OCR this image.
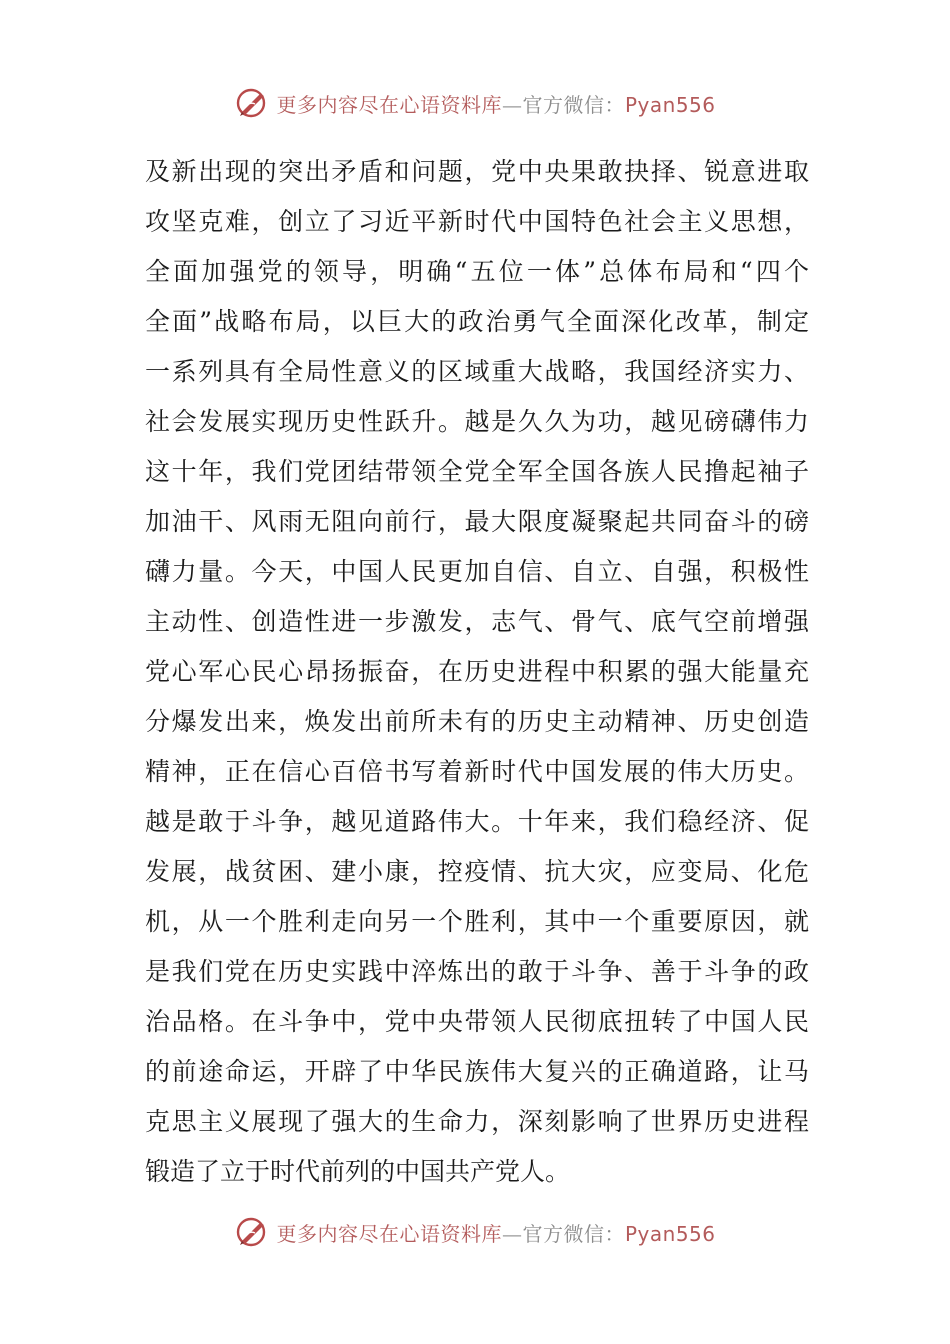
更多内容尽在心语资料库—官方微信：Pyan556
及新出现的突出矛盾和问题，党中央果敢抉择、锐意进取
攻坚克难，创立了习近平新时代中国特色社会主义思想，
全面加强党的领导，明确“五位一体”总体布局和“四个
全面”战略布局，以巨大的政治勇气全面深化改革，制定
一系列具有全局性意义的区域重大战略，我国经济实力、
社会发展实现历史性跃升。越是久久为功，越见磅礴伟力
这十年，我们党团结带领全党全军全国各族人民撸起袖子
加油干、风雨无阻向前行，最大限度凝聚起共同奋斗的磅
礴力量。今天，中国人民更加自信、自立、自强，积极性
主动性、创造性进一步激发，志气、骨气、底气空前增强
党心军心民心昂扬振奋，在历史进程中积累的强大能量充
分爆发出来，焕发出前所未有的历史主动精神、历史创造
精神，正在信心百倍书写着新时代中国发展的伟大历史。
越是敢于斗争，越见道路伟大。十年来，我们稳经济、促
发展，战贫困、建小康，控疫情、抗大灾，应变局、化危
机，从一个胜利走向另一个胜利，其中一个重要原因，就
是我们党在历史实践中淬炼出的敢于斗争、善于斗争的政
治品格。在斗争中，党中央带领人民彻底扭转了中国人民
的前途命运，开辟了中华民族伟大复兴的正确道路，让马
克思主义展现了强大的生命力，深刻影响了世界历史进程
锻造了立于时代前列的中国共产党人。
更多内容尽在心语资料库—官方微信：Pyan556
